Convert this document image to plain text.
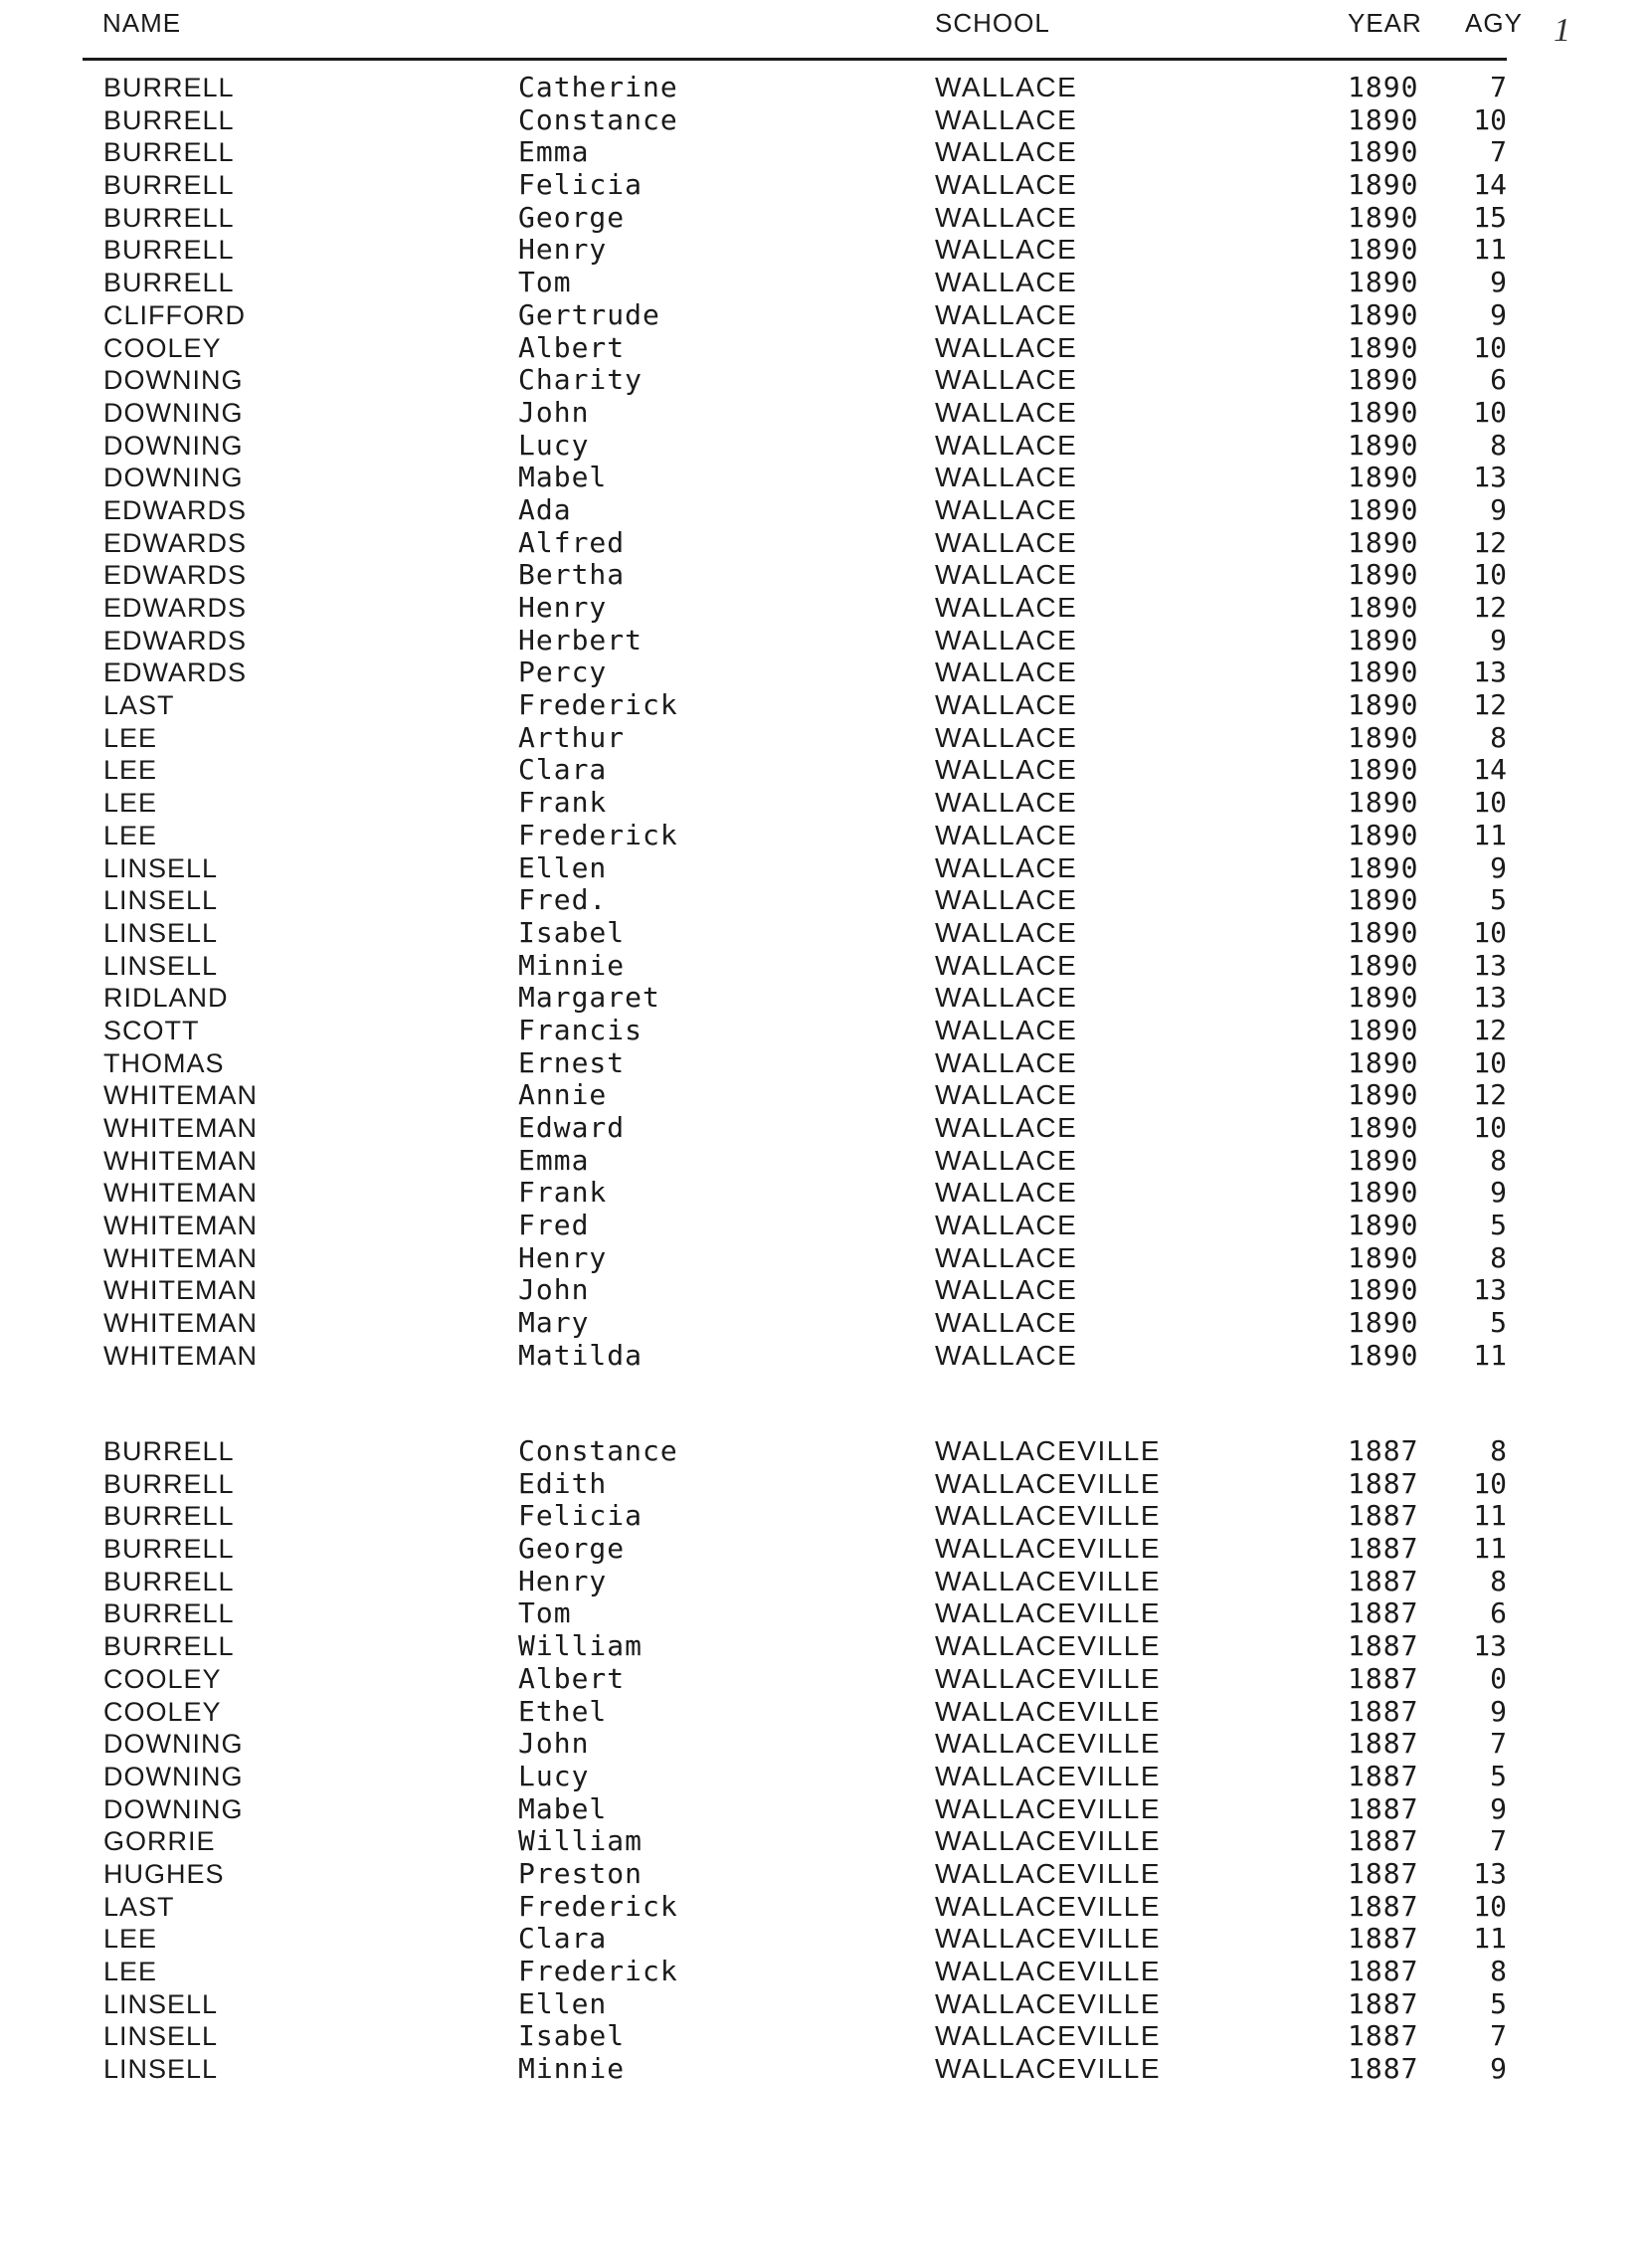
NAME	SCHOOL	YEAR AGY 1
BURRELL	Catherine	WALLACE	1890	7
BURRELL	Constance	WALLACE	1890 10
BURRELL	Emma	WALLACE	1890	7
BURRELL	Felicia	WALLACE	1890 14
BURRELL	George	WALLACE	1890 15
BURRELL	Henry	WALLACE	1890 11
BURRELL	Tom	WALLACE	1890	9
CLIFFORD	Gertrude	WALLACE	1890	9
COOLEY	Albert	WALLACE	1890 10
DOWNING	Charity	WALLACE	1890	6
DOWNING	John	WALLACE	1890 10
DOWNING	Lucy	WALLACE	1890	8
DOWNING	Mabel	WALLACE	1890 13
EDWARDS	Ada	WALLACE	1890	9
EDWARDS	Alfred	WALLACE	1890 12
EDWARDS	Bertha	WALLACE	1890 10
EDWARDS	Henry	WALLACE	1890 12
EDWARDS	Herbert	WALLACE	1890	9
EDWARDS	Percy	WALLACE	1890 13
LAST	Frederick	WALLACE	1890 12
LEE	Arthur	WALLACE	1890	8
LEE	Clara	WALLACE	1890 14
LEE	Frank	WALLACE	1890 10
LEE	Frederick	WALLACE	1890 11
LINSELL	Ellen	WALLACE	1890	9
LINSELL	Fred.	WALLACE	1890	5
LINSELL	Isabel	WALLACE	1890 10
LINSELL	Minnie	WALLACE	1890 13
RIDLAND	Margaret	WALLACE	1890 13
SCOTT	Francis	WALLACE	1890 12
THOMAS	Ernest	WALLACE	1890 10
WHITEMAN	Annie	WALLACE	1890 12
WHITEMAN	Edward	WALLACE	1890 10
WHITEMAN	Emma	WALLACE	1890	8
WHITEMAN	Frank	WALLACE	1890	9
WHITEMAN	Fred	WALLACE	1890	5
WHITEMAN	Henry	WALLACE	1890	8
WHITEMAN	John	WALLACE	1890 13
WHITEMAN	Mary	WALLACE	1890	5
WHITEMAN	Matilda	WALLACE	1890 11
BURRELL	Constance	WALLACEVILLE	1887	8
BURRELL	Edith	WALLACEVILLE	1887 10
BURRELL	Felicia	WALLACEVILLE	1887 11
BURRELL	George	WALLACEVILLE	1887 11
BURRELL	Henry	WALLACEVILLE	1887	8
BURRELL	Tom	WALLACEVILLE	1887	6
BURRELL	William	WALLACEVILLE	1887 13
COOLEY	Albert	WALLACEVILLE	1887	0
COOLEY	Ethel	WALLACEVILLE	1887	9
DOWNING	John	WALLACEVILLE	1887	7
DOWNING	Lucy	WALLACEVILLE	1887	5
DOWNING	Mabel	WALLACEVILLE	1887	9
GORRIE	William	WALLACEVILLE	1887	7
HUGHES	Preston	WALLACEVILLE	1887 13
LAST	Frederick	WALLACEVILLE	1887 10
LEE	Clara	WALLACEVILLE	1887 11
LEE	Frederick	WALLACEVILLE	1887	8
LINSELL	Ellen	WALLACEVILLE	1887	5
LINSELL	Isabel	WALLACEVILLE	1887	7
LINSELL	Minnie	WALLACEVILLE	1887	9
